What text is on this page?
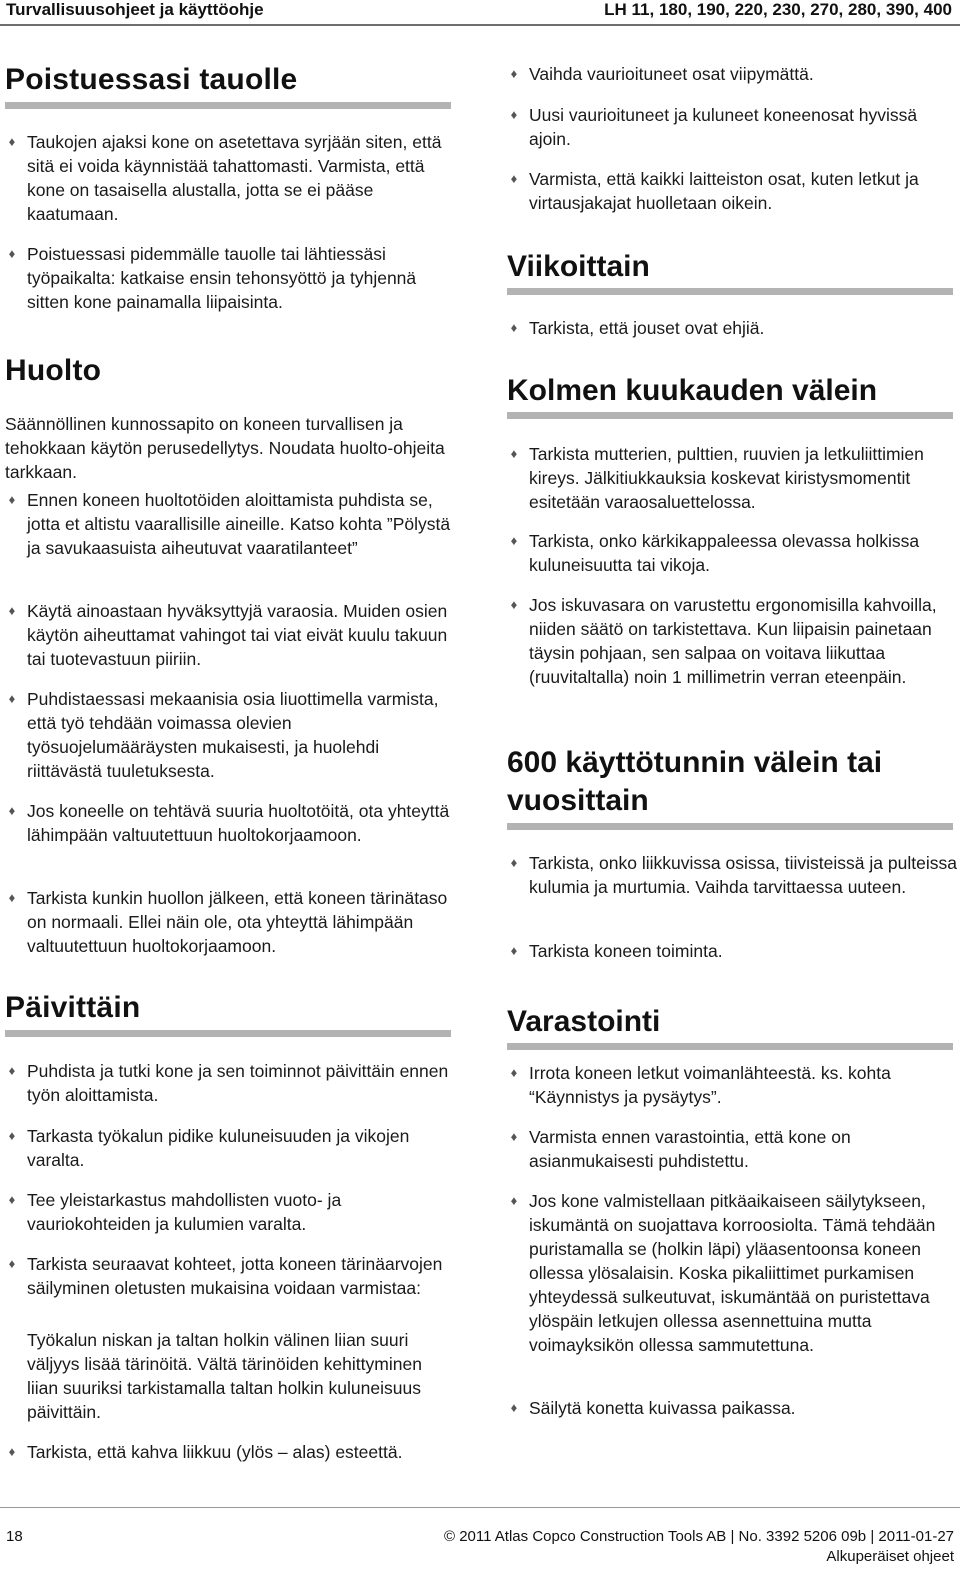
Turvallisuusohjeet ja käyttöohje	LH 11, 180, 190, 220, 230, 270, 280, 390, 400
Poistuessasi tauolle
♦ Taukojen ajaksi kone on asetettava syrjään siten, että sitä ei voida käynnistää tahattomasti. Varmista, että kone on tasaisella alustalla, jotta se ei pääse kaatumaan.
♦ Poistuessasi pidemmälle tauolle tai lähtiessäsi työpaikalta: katkaise ensin tehonsyöttö ja tyhjennä sitten kone painamalla liipaisinta.
Huolto
Säännöllinen kunnossapito on koneen turvallisen ja tehokkaan käytön perusedellytys. Noudata huolto-ohjeita tarkkaan.
♦ Ennen koneen huoltotöiden aloittamista puhdista se, jotta et altistu vaarallisille aineille. Katso kohta ”Pölystä ja savukaasuista aiheutuvat vaaratilanteet”
♦ Käytä ainoastaan hyväksyttyjä varaosia. Muiden osien käytön aiheuttamat vahingot tai viat eivät kuulu takuun tai tuotevastuun piiriin.
♦ Puhdistaessasi mekaanisia osia liuottimella varmista, että työ tehdään voimassa olevien työsuojelumääräysten mukaisesti, ja huolehdi riittävästä tuuletuksesta.
♦ Jos koneelle on tehtävä suuria huoltotöitä, ota yhteyttä lähimpään valtuutettuun huoltokorjaamoon.
♦ Tarkista kunkin huollon jälkeen, että koneen tärinätaso on normaali. Ellei näin ole, ota yhteyttä lähimpään valtuutettuun huoltokorjaamoon.
Päivittäin
♦ Puhdista ja tutki kone ja sen toiminnot päivittäin ennen työn aloittamista.
♦ Tarkasta työkalun pidike kuluneisuuden ja vikojen varalta.
♦ Tee yleistarkastus mahdollisten vuoto- ja vauriokohteiden ja kulumien varalta.
♦ Tarkista seuraavat kohteet, jotta koneen tärinäarvojen säilyminen oletusten mukaisina voidaan varmistaa:
Työkalun niskan ja taltan holkin välinen liian suuri väljyys lisää tärinöitä. Vältä tärinöiden kehittyminen liian suuriksi tarkistamalla taltan holkin kuluneisuus päivittäin.
♦ Tarkista, että kahva liikkuu (ylös – alas) esteettä.
♦ Vaihda vaurioituneet osat viipymättä.
♦ Uusi vaurioituneet ja kuluneet koneenosat hyvissä ajoin.
♦ Varmista, että kaikki laitteiston osat, kuten letkut ja virtausjakajat huolletaan oikein.
Viikoittain
♦ Tarkista, että jouset ovat ehjiä.
Kolmen kuukauden välein
♦ Tarkista mutterien, pulttien, ruuvien ja letkuliittimien kireys. Jälkitiukkauksia koskevat kiristysmomentit esitetään varaosaluettelossa.
♦ Tarkista, onko kärkikappaleessa olevassa holkissa kuluneisuutta tai vikoja.
♦ Jos iskuvasara on varustettu ergonomisilla kahvoilla, niiden säätö on tarkistettava. Kun liipaisin painetaan täysin pohjaan, sen salpaa on voitava liikuttaa (ruuvitaltalla) noin 1 millimetrin verran eteenpäin.
600 käyttötunnin välein tai vuosittain
♦ Tarkista, onko liikkuvissa osissa, tiivisteissä ja pulteissa kulumia ja murtumia. Vaihda tarvittaessa uuteen.
♦ Tarkista koneen toiminta.
Varastointi
♦ Irrota koneen letkut voimanlähteestä. ks. kohta “Käynnistys ja pysäytys”.
♦ Varmista ennen varastointia, että kone on asianmukaisesti puhdistettu.
♦ Jos kone valmistellaan pitkäaikaiseen säilytykseen, iskumäntä on suojattava korroosiolta. Tämä tehdään puristamalla se (holkin läpi) yläasentoonsa koneen ollessa ylösalaisin. Koska pikaliittimet purkamisen yhteydessä sulkeutuvat, iskumäntää on puristettava ylöspäin letkujen ollessa asennettuina mutta voimayksikön ollessa sammutettuna.
♦ Säilytä konetta kuivassa paikassa.
18	© 2011 Atlas Copco Construction Tools AB | No. 3392 5206 09b | 2011-01-27
Alkuperäiset ohjeet
